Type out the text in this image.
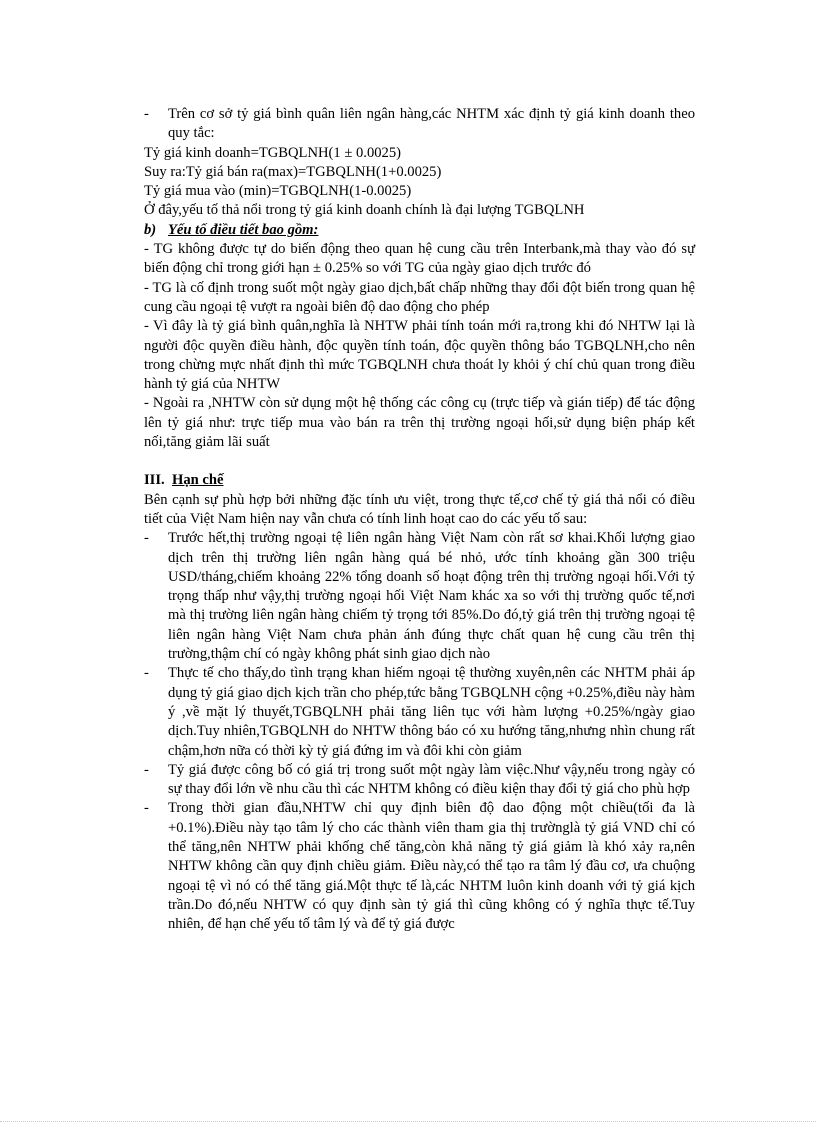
- Trên cơ sở tỷ giá bình quân liên ngân hàng,các NHTM xác định tỷ giá kinh doanh theo quy tắc:

Tỷ giá kinh doanh=TGBQLNH(1 ± 0.0025)

Suy ra:Tỷ giá bán ra(max)=TGBQLNH(1+0.0025)

Tỷ giá mua vào (min)=TGBQLNH(1-0.0025)

Ở đây,yếu tố thả nổi trong tỷ giá kinh doanh chính là đại lượng TGBQLNH

b) Yếu tố điều tiết bao gồm:

- TG không được tự do biến động theo quan hệ cung cầu trên Interbank,mà thay vào đó sự biến động chỉ trong giới hạn ± 0.25% so với TG của ngày giao dịch trước đó

- TG là cố định trong suốt một ngày giao dịch,bất chấp những thay đổi đột biến trong quan hệ cung cầu ngoại tệ vượt ra ngoài biên độ dao động cho phép

- Vì đây là tỷ giá bình quân,nghĩa là NHTW phải tính toán mới ra,trong khi đó NHTW lại là người độc quyền điều hành, độc quyền tính toán, độc quyền thông báo TGBQLNH,cho nên trong chừng mực nhất định thì mức TGBQLNH chưa thoát ly khỏi ý chí chủ quan trong điều hành tỷ giá của NHTW

- Ngoài ra ,NHTW còn sử dụng một hệ thống các công cụ (trực tiếp và gián tiếp) để tác động lên tỷ giá như: trực tiếp mua vào bán ra trên thị trường ngoại hối,sử dụng biện pháp kết nối,tăng giảm lãi suất

III. Hạn chế

Bên cạnh sự phù hợp bởi những đặc tính ưu việt, trong thực tế,cơ chế tỷ giá thả nổi có điều tiết của Việt Nam hiện nay vẫn chưa có tính linh hoạt cao do các yếu tố sau:

- Trước hết,thị trường ngoại tệ liên ngân hàng Việt Nam còn rất sơ khai.Khối lượng giao dịch trên thị trường liên ngân hàng quá bé nhỏ, ước tính khoảng gần 300 triệu USD/tháng,chiếm khoảng 22% tổng doanh số hoạt động trên thị trường ngoại hối.Với tỷ trọng thấp như vậy,thị trường ngoại hối Việt Nam khác xa so với thị trường quốc tế,nơi mà thị trường liên ngân hàng chiếm tỷ trọng tới 85%.Do đó,tỷ giá trên thị trường ngoại tệ liên ngân hàng Việt Nam chưa phản ánh đúng thực chất quan hệ cung cầu trên thị trường,thậm chí có ngày không phát sinh giao dịch nào

- Thực tế cho thấy,do tình trạng khan hiếm ngoại tệ thường xuyên,nên các NHTM phải áp dụng tỷ giá giao dịch kịch trần cho phép,tức bằng TGBQLNH cộng +0.25%,điều này hàm ý ,về mặt lý thuyết,TGBQLNH phải tăng liên tục với hàm lượng +0.25%/ngày giao dịch.Tuy nhiên,TGBQLNH do NHTW thông báo có xu hướng tăng,nhưng nhìn chung rất chậm,hơn nữa có thời kỳ tỷ giá đứng im và đôi khi còn giảm

- Tỷ giá được công bố có giá trị trong suốt một ngày làm việc.Như vậy,nếu trong ngày có sự thay đổi lớn về nhu cầu thì các NHTM không có điều kiện thay đổi tỷ giá cho phù hợp

- Trong thời gian đầu,NHTW chỉ quy định biên độ dao động một chiều(tối đa là +0.1%).Điều này tạo tâm lý cho các thành viên tham gia thị trườnglà tỷ giá VND chỉ có thể tăng,nên NHTW phải khống chế tăng,còn khả năng tỷ giá giảm là khó xảy ra,nên NHTW không cần quy định chiều giảm. Điều này,có thể tạo ra tâm lý đầu cơ, ưa chuộng ngoại tệ vì nó có thể tăng giá.Một thực tế là,các NHTM luôn kinh doanh với tỷ giá kịch trần.Do đó,nếu NHTW có quy định sàn tỷ giá thì cũng không có ý nghĩa thực tế.Tuy nhiên, để hạn chế yếu tố tâm lý và để tỷ giá được
